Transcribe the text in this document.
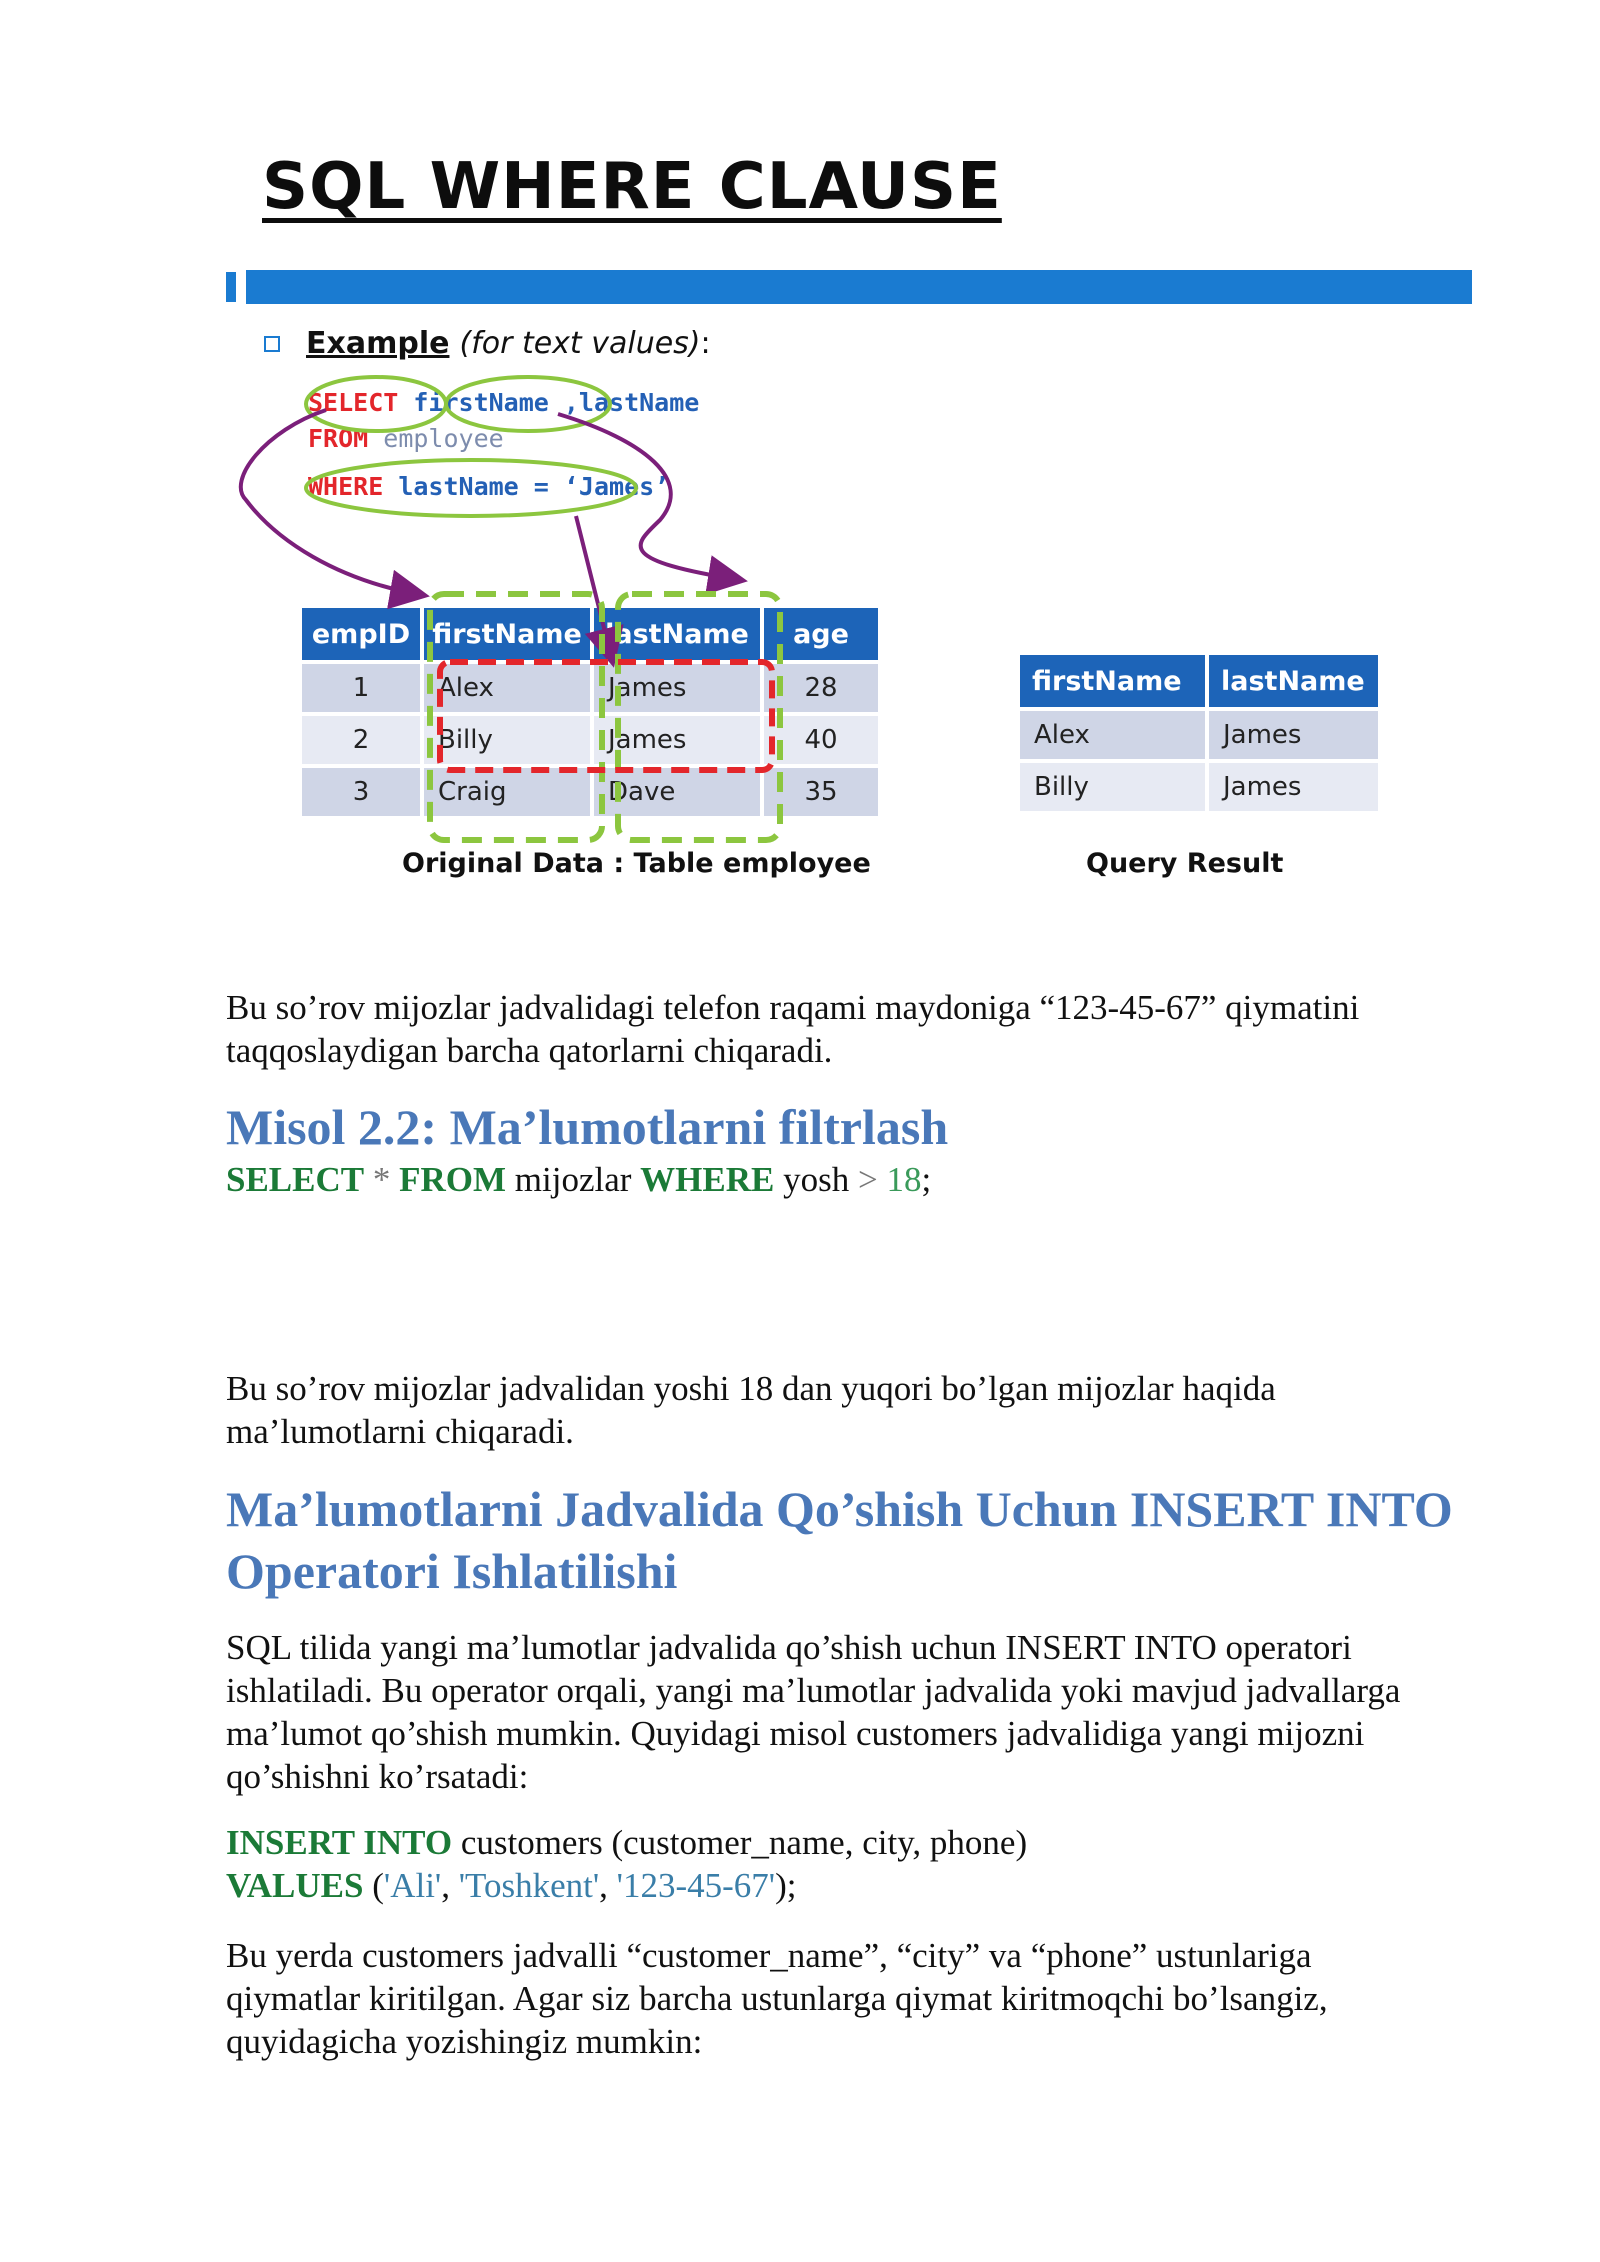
SQL WHERE CLAUSE
Example (for text values) :
SELECT firstName ,lastName
FROM employee
WHERE lastName = ‘James’
empID	firstName	lastName	age
1	Alex	James	28
2	Billy	James	40
3	Craig	Dave	35
firstName	lastName
Alex	James
Billy	James
Original Data : Table employee	Query Result

Bu so’rov mijozlar jadvalidagi telefon raqami maydoniga “123-45-67” qiymatini taqqoslaydigan barcha qatorlarni chiqaradi.

Misol 2.2: Ma’lumotlarni filtrlash

SELECT * FROM mijozlar WHERE yosh > 18;

Bu so’rov mijozlar jadvalidan yoshi 18 dan yuqori bo’lgan mijozlar haqida ma’lumotlarni chiqaradi.

Ma’lumotlarni Jadvalida Qo’shish Uchun INSERT INTO Operatori Ishlatilishi

SQL tilida yangi ma’lumotlar jadvalida qo’shish uchun INSERT INTO operatori ishlatiladi. Bu operator orqali, yangi ma’lumotlar jadvalida yoki mavjud jadvallarga ma’lumot qo’shish mumkin. Quyidagi misol customers jadvalidiga yangi mijozni qo’shishni ko’rsatadi:

INSERT INTO customers (customer_name, city, phone)

VALUES ('Ali', 'Toshkent', '123-45-67');

Bu yerda customers jadvalli “customer_name”, “city” va “phone” ustunlariga qiymatlar kiritilgan. Agar siz barcha ustunlarga qiymat kiritmoqchi bo’lsangiz, quyidagicha yozishingiz mumkin:
